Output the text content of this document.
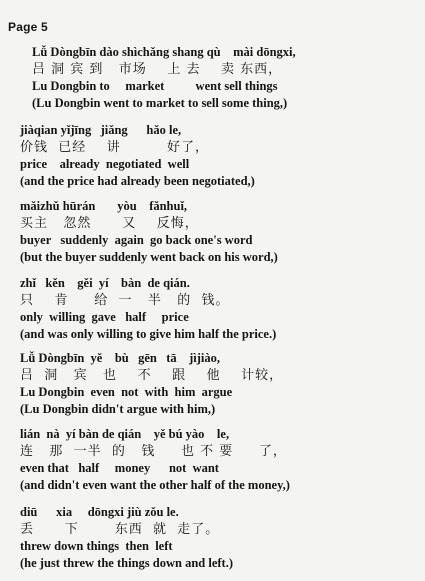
Page 5
Lǚ Dòngbīn dào shìchǎng shang qù    mài dōngxi,
吕 洞 宾 到   市场    上 去    卖 东西，
Lu Dongbin to     market          went sell things
(Lu Dongbin went to market to sell some thing,)
jiàqian yǐjīng   jiǎng      hǎo le,
价钱  已经    讲         好了，
price    already  negotiated  well
(and the price had already been negotiated,)
mǎizhǔ hūrán       yòu    fǎnhuǐ,
买主   忽然      又    反悔，
buyer   suddenly  again  go back one's word
(but the buyer suddenly went back on his word,)
zhǐ   kěn    gěi  yí    bàn  de qián.
只    肯     给  一   半   的  钱。
only  willing  gave   half     price
(and was only willing to give him half the price.)
Lǚ Dòngbīn  yě    bù   gēn   tā    jìjiào,
吕  洞   宾   也    不    跟    他    计较，
Lu Dongbin  even  not  with  him  argue
(Lu Dongbin didn't argue with him,)
lián  nà  yí bàn de qián    yě bú yào    le,
连   那  一半  的   钱     也 不 要     了，
even that   half     money      not  want
(and didn't even want the other half of the money,)
diū      xia     dōngxi jiù zǒu le.
丢      下       东西  就  走了。
threw down things  then  left
(he just threw the things down and left.)
